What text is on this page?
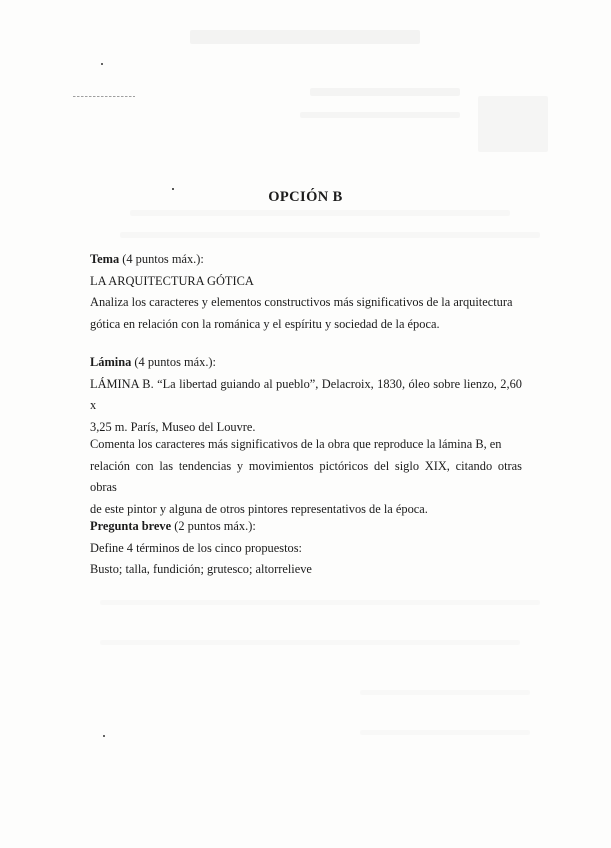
OPCIÓN B

Tema (4 puntos máx.):

LA ARQUITECTURA GÓTICA

Analiza los caracteres y elementos constructivos más significativos de la arquitectura

gótica en relación con la románica y el espíritu y sociedad de la época.

Lámina (4 puntos máx.):

LÁMINA B. “La libertad guiando al pueblo”, Delacroix, 1830, óleo sobre lienzo, 2,60 x

3,25 m. París, Museo del Louvre.

Comenta los caracteres más significativos de la obra que reproduce la lámina B, en

relación con las tendencias y movimientos pictóricos del siglo XIX, citando otras obras

de este pintor y alguna de otros pintores representativos de la época.

Pregunta breve (2 puntos máx.):

Define 4 términos de los cinco propuestos:

Busto; talla, fundición; grutesco; altorrelieve
